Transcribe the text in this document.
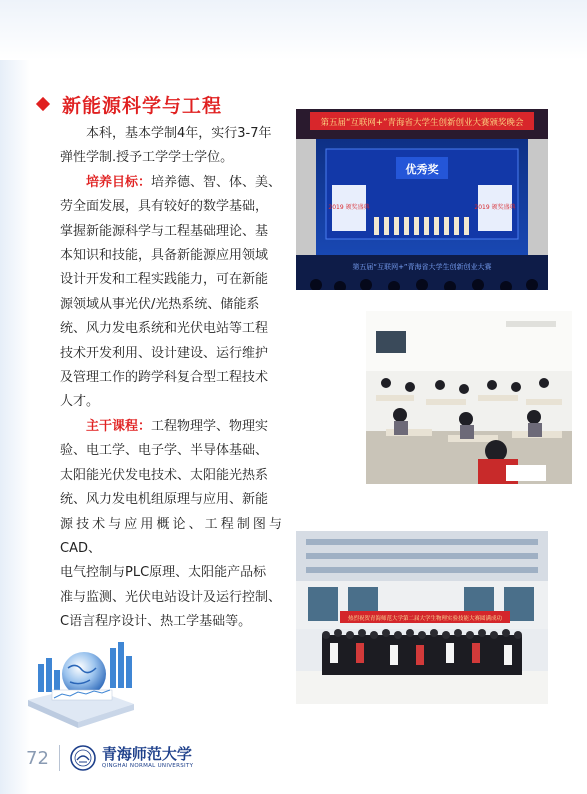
新能源科学与工程

本科，基本学制4年，实行3-7年
弹性学制.授予工学学士学位。

培养目标：培养德、智、体、美、
劳全面发展，具有较好的数学基础，
掌握新能源科学与工程基础理论、基
本知识和技能，具备新能源应用领域
设计开发和工程实践能力，可在新能
源领域从事光伏/光热系统、储能系
统、风力发电系统和光伏电站等工程
技术开发利用、设计建设、运行维护
及管理工作的跨学科复合型工程技术
人才。

主干课程：工程物理学、物理实
验、电工学、电子学、半导体基础、
太阳能光伏发电技术、太阳能光热系
统、风力发电机组原理与应用、新能
源技术与应用概论、工程制图与CAD、
电气控制与PLC原理、太阳能产品标
准与监测、光伏电站设计及运行控制、
C语言程序设计、热工学基础等。

第五届“互联网+”青海省大学生创新创业大赛颁奖晚会
优秀奖
2019 颁奖盛典	2019 颁奖盛典
第五届“互联网+”青海省大学生创新创业大赛
热烈祝贺青海师范大学第二届大学生物理实验技能大赛圆满成功
72	青海师范大学
QINGHAI NORMAL UNIVERSITY
